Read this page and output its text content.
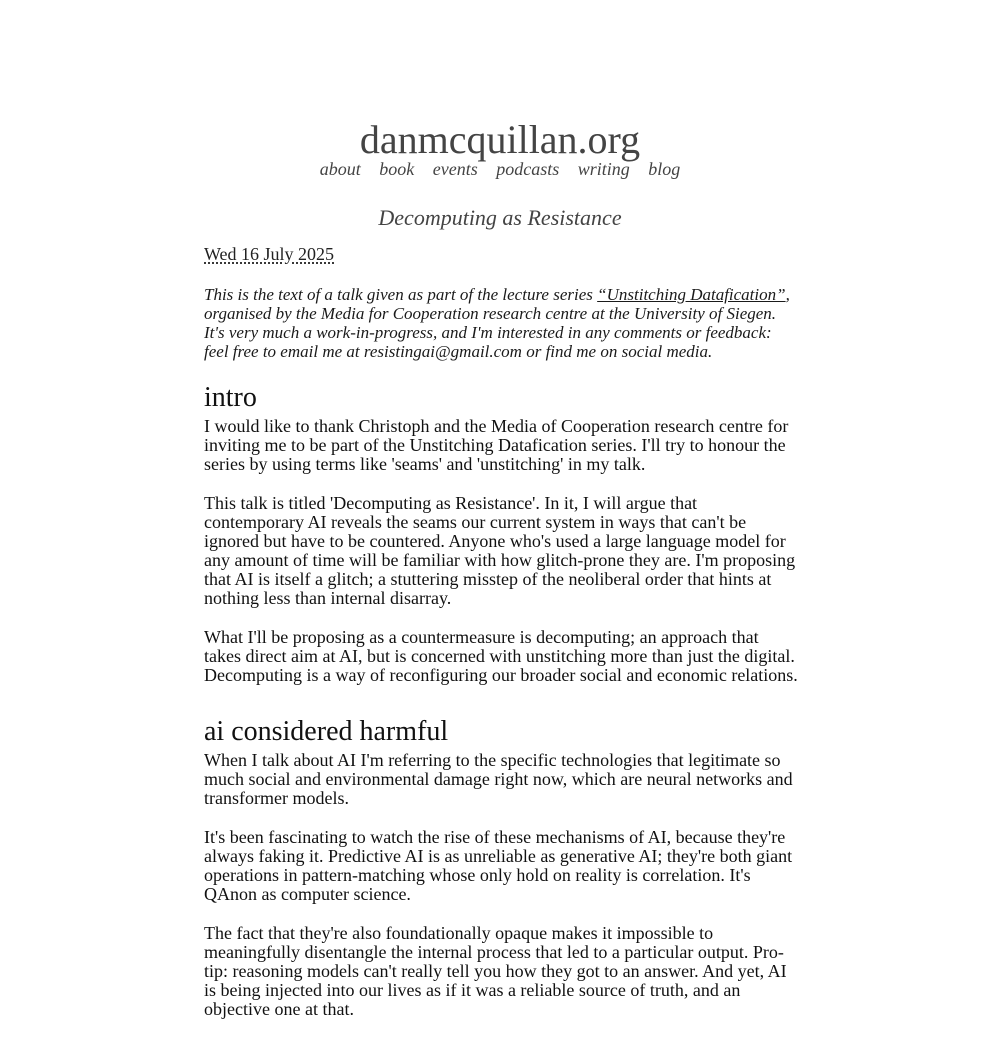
danmcquillan.org
about book events podcasts writing blog
Decomputing as Resistance
Wed 16 July 2025

This is the text of a talk given as part of the lecture series “Unstitching Datafication”, organised by the Media for Cooperation research centre at the University of Siegen. It's very much a work-in-progress, and I'm interested in any comments or feedback: feel free to email me at resistingai@gmail.com or find me on social media.

intro

I would like to thank Christoph and the Media of Cooperation research centre for inviting me to be part of the Unstitching Datafication series. I'll try to honour the series by using terms like 'seams' and 'unstitching' in my talk.

This talk is titled 'Decomputing as Resistance'. In it, I will argue that contemporary AI reveals the seams our current system in ways that can't be ignored but have to be countered. Anyone who's used a large language model for any amount of time will be familiar with how glitch-prone they are. I'm proposing that AI is itself a glitch; a stuttering misstep of the neoliberal order that hints at nothing less than internal disarray.

What I'll be proposing as a countermeasure is decomputing; an approach that takes direct aim at AI, but is concerned with unstitching more than just the digital. Decomputing is a way of reconfiguring our broader social and economic relations.

ai considered harmful

When I talk about AI I'm referring to the specific technologies that legitimate so much social and environmental damage right now, which are neural networks and transformer models.

It's been fascinating to watch the rise of these mechanisms of AI, because they're always faking it. Predictive AI is as unreliable as generative AI; they're both giant operations in pattern-matching whose only hold on reality is correlation. It's QAnon as computer science.

The fact that they're also foundationally opaque makes it impossible to meaningfully disentangle the internal process that led to a particular output. Pro-tip: reasoning models can't really tell you how they got to an answer. And yet, AI is being injected into our lives as if it was a reliable source of truth, and an objective one at that.
